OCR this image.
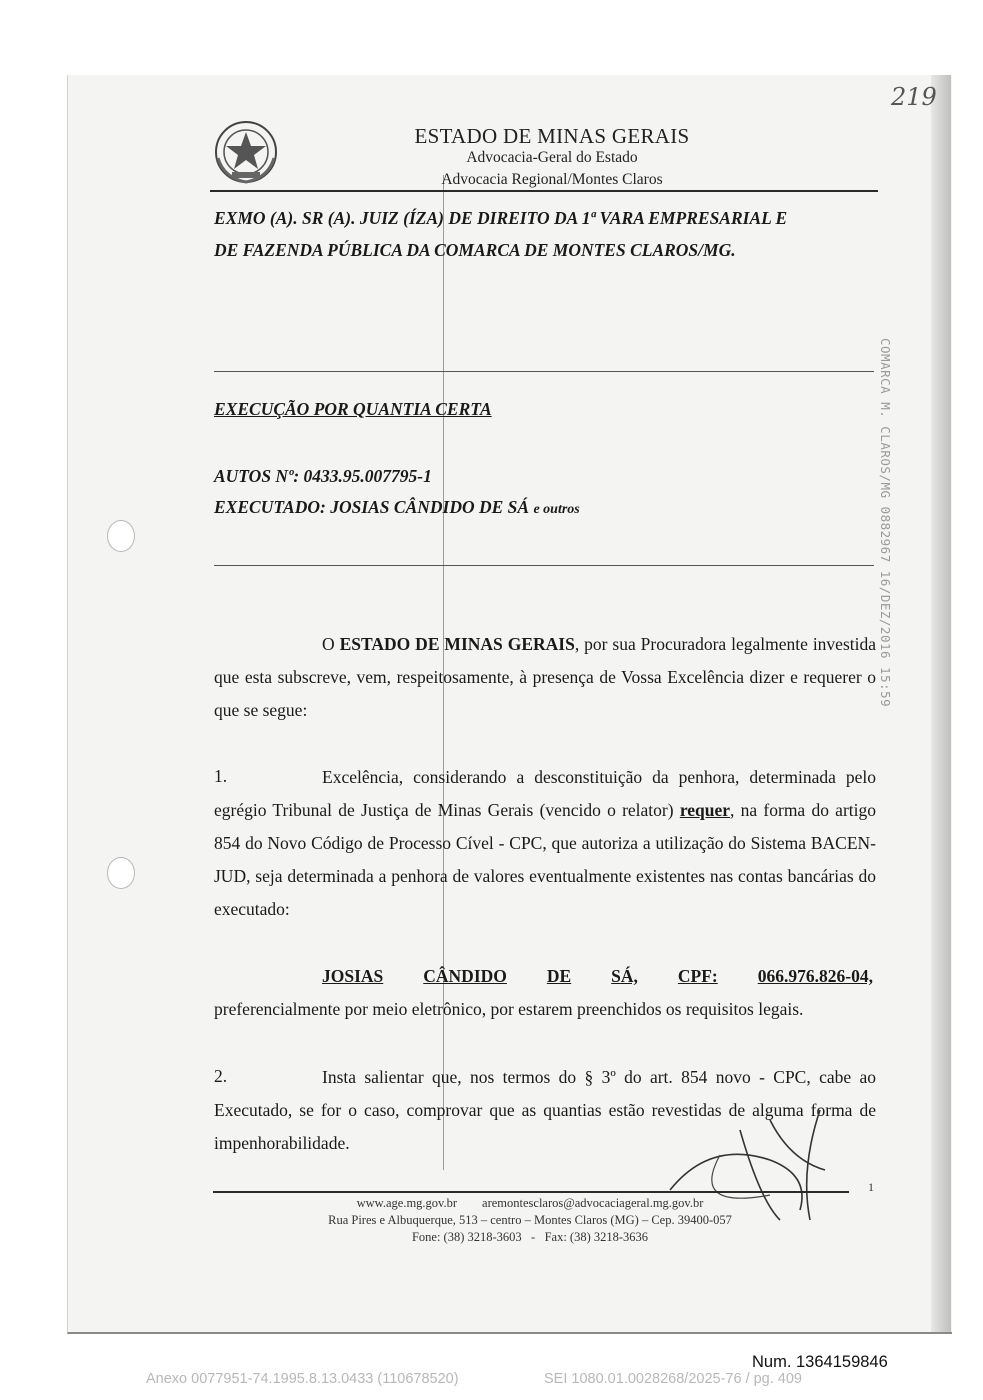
ESTADO DE MINAS GERAIS
Advocacia-Geral do Estado
Advocacia Regional/Montes Claros
219
EXMO (A). SR (A). JUIZ (ÍZA) DE DIREITO DA 1ª VARA EMPRESARIAL E
DE FAZENDA PÚBLICA DA COMARCA DE MONTES CLAROS/MG.
EXECUÇÃO POR QUANTIA CERTA
AUTOS Nº: 0433.95.007795-1
EXECUTADO: JOSIAS CÂNDIDO DE SÁ e outros	COMARCA M. CLAROS/MG 0882967 16/DEZ/2016 15:59
O ESTADO DE MINAS GERAIS, por sua Procuradora legalmente investida que esta subscreve, vem, respeitosamente, à presença de Vossa Excelência dizer e requerer o que se segue:
Excelência, considerando a desconstituição da penhora, determinada pelo egrégio Tribunal de Justiça de Minas Gerais (vencido o relator) requer, na forma do artigo 854 do Novo Código de Processo Cível - CPC, que autoriza a utilização do Sistema BACEN-JUD, seja determinada a penhora de valores eventualmente existentes nas contas bancárias do executado:
1.
JOSIAS CÂNDIDO DE SÁ, CPF: 066.976.826-04,
preferencialmente por meio eletrônico, por estarem preenchidos os requisitos legais.
Insta salientar que, nos termos do § 3º do art. 854 novo - CPC, cabe ao Executado, se for o caso, comprovar que as quantias estão revestidas de alguma forma de impenhorabilidade.
2.
1
www.age.mg.gov.br aremontesclaros@advocaciageral.mg.gov.br
Rua Pires e Albuquerque, 513 – centro – Montes Claros (MG) – Cep. 39400-057
Fone: (38) 3218-3603   -   Fax: (38) 3218-3636
Num. 1364159846
Anexo 0077951-74.1995.8.13.0433 (110678520)	SEI 1080.01.0028268/2025-76 / pg. 409
